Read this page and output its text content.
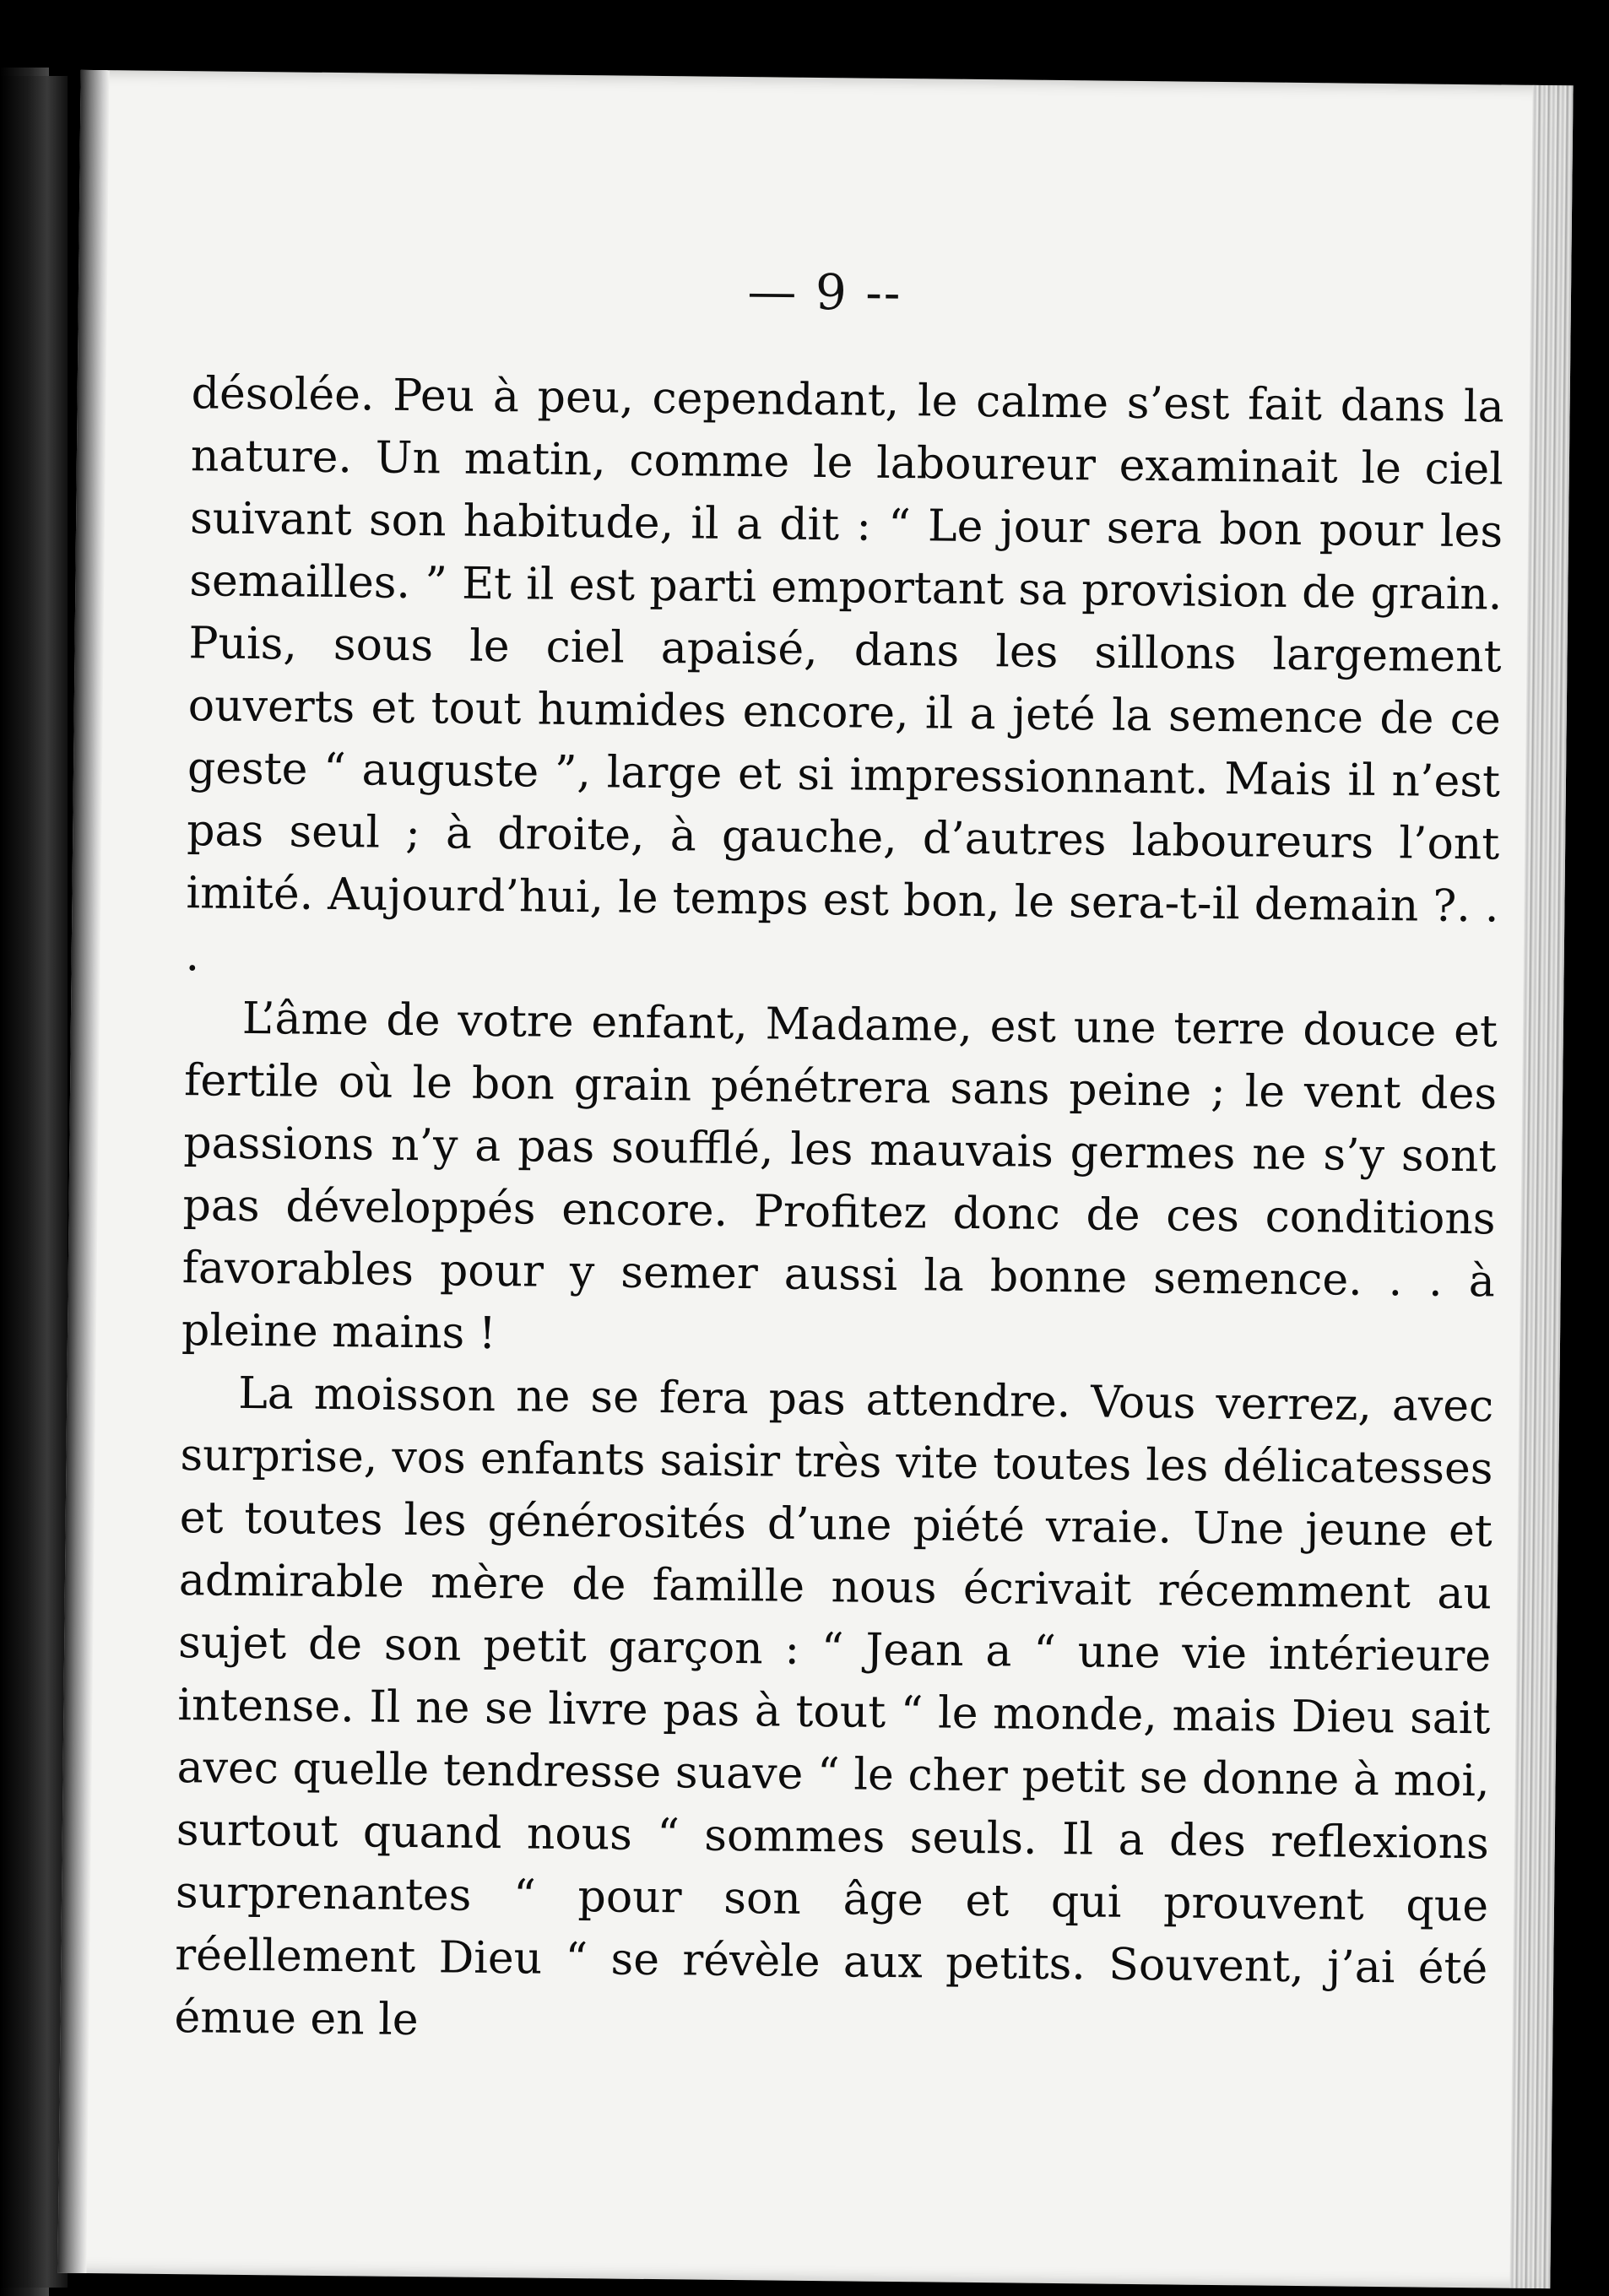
— 9 --

désolée. Peu à peu, cependant, le calme s’est fait dans la nature. Un matin, comme le laboureur examinait le ciel suivant son habitude, il a dit : “ Le jour sera bon pour les semailles. ” Et il est parti emportant sa provision de grain. Puis, sous le ciel apaisé, dans les sillons largement ouverts et tout humides encore, il a jeté la semence de ce geste “ auguste ”, large et si impressionnant. Mais il n’est pas seul ; à droite, à gauche, d’autres laboureurs l’ont imité. Aujourd’hui, le temps est bon, le sera-t-il demain ?. . .

L’âme de votre enfant, Madame, est une terre douce et fertile où le bon grain pénétrera sans peine ; le vent des passions n’y a pas soufflé, les mauvais germes ne s’y sont pas développés encore. Profitez donc de ces conditions favorables pour y semer aussi la bonne semence. . . à pleine mains !

La moisson ne se fera pas attendre. Vous verrez, avec surprise, vos enfants saisir très vite toutes les délicatesses et toutes les générosités d’une piété vraie. Une jeune et admirable mère de famille nous écrivait récemment au sujet de son petit garçon : “ Jean a “ une vie intérieure intense. Il ne se livre pas à tout “ le monde, mais Dieu sait avec quelle tendresse suave “ le cher petit se donne à moi, surtout quand nous “ sommes seuls. Il a des reflexions surprenantes “ pour son âge et qui prouvent que réellement Dieu “ se révèle aux petits. Souvent, j’ai été émue en le
